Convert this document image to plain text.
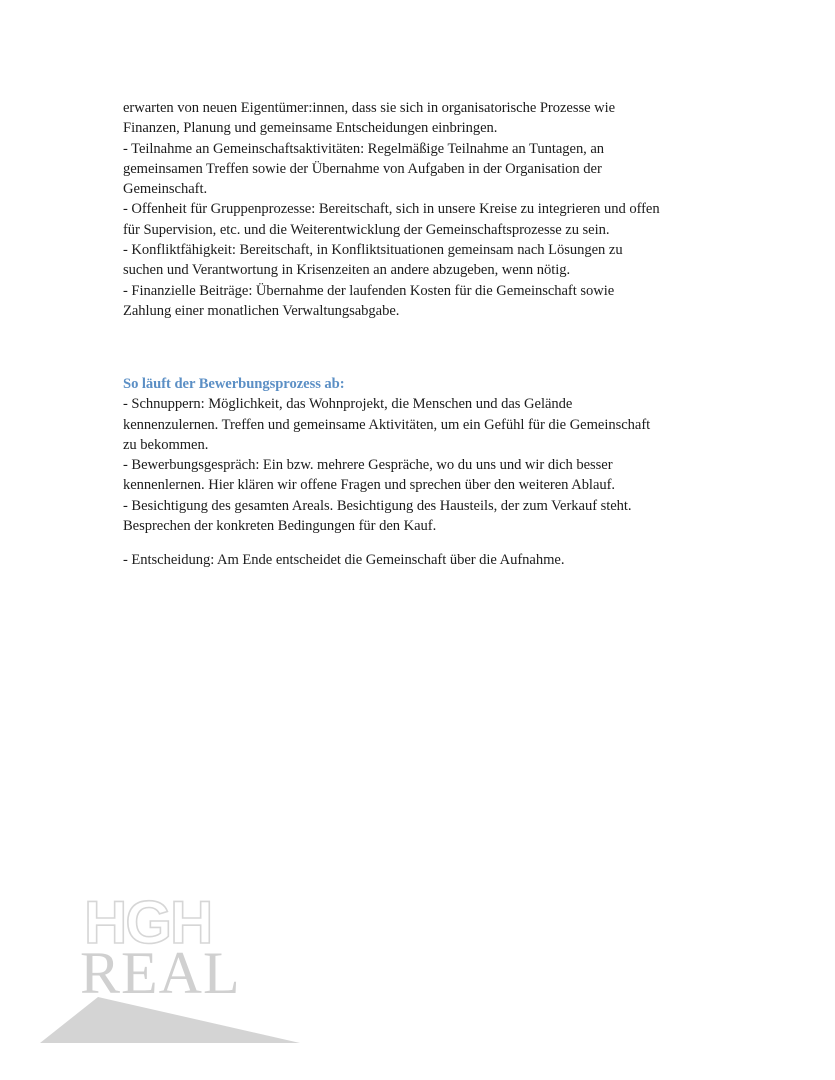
erwarten von neuen Eigentümer:innen, dass sie sich in organisatorische Prozesse wie

Finanzen, Planung und gemeinsame Entscheidungen einbringen.

- Teilnahme an Gemeinschaftsaktivitäten: Regelmäßige Teilnahme an Tuntagen, an

gemeinsamen Treffen sowie der Übernahme von Aufgaben in der Organisation der

Gemeinschaft.

- Offenheit für Gruppenprozesse: Bereitschaft, sich in unsere Kreise zu integrieren und offen

für Supervision, etc. und die Weiterentwicklung der Gemeinschaftsprozesse zu sein.

- Konfliktfähigkeit: Bereitschaft, in Konfliktsituationen gemeinsam nach Lösungen zu

suchen und Verantwortung in Krisenzeiten an andere abzugeben, wenn nötig.

- Finanzielle Beiträge: Übernahme der laufenden Kosten für die Gemeinschaft sowie

Zahlung einer monatlichen Verwaltungsabgabe.

So läuft der Bewerbungsprozess ab:

- Schnuppern: Möglichkeit, das Wohnprojekt, die Menschen und das Gelände

kennenzulernen. Treffen und gemeinsame Aktivitäten, um ein Gefühl für die Gemeinschaft

zu bekommen.

- Bewerbungsgespräch: Ein bzw. mehrere Gespräche, wo du uns und wir dich besser

kennenlernen. Hier klären wir offene Fragen und sprechen über den weiteren Ablauf.

- Besichtigung des gesamten Areals. Besichtigung des Hausteils, der zum Verkauf steht.

Besprechen der konkreten Bedingungen für den Kauf.

- Entscheidung: Am Ende entscheidet die Gemeinschaft über die Aufnahme.

HGH
REAL
